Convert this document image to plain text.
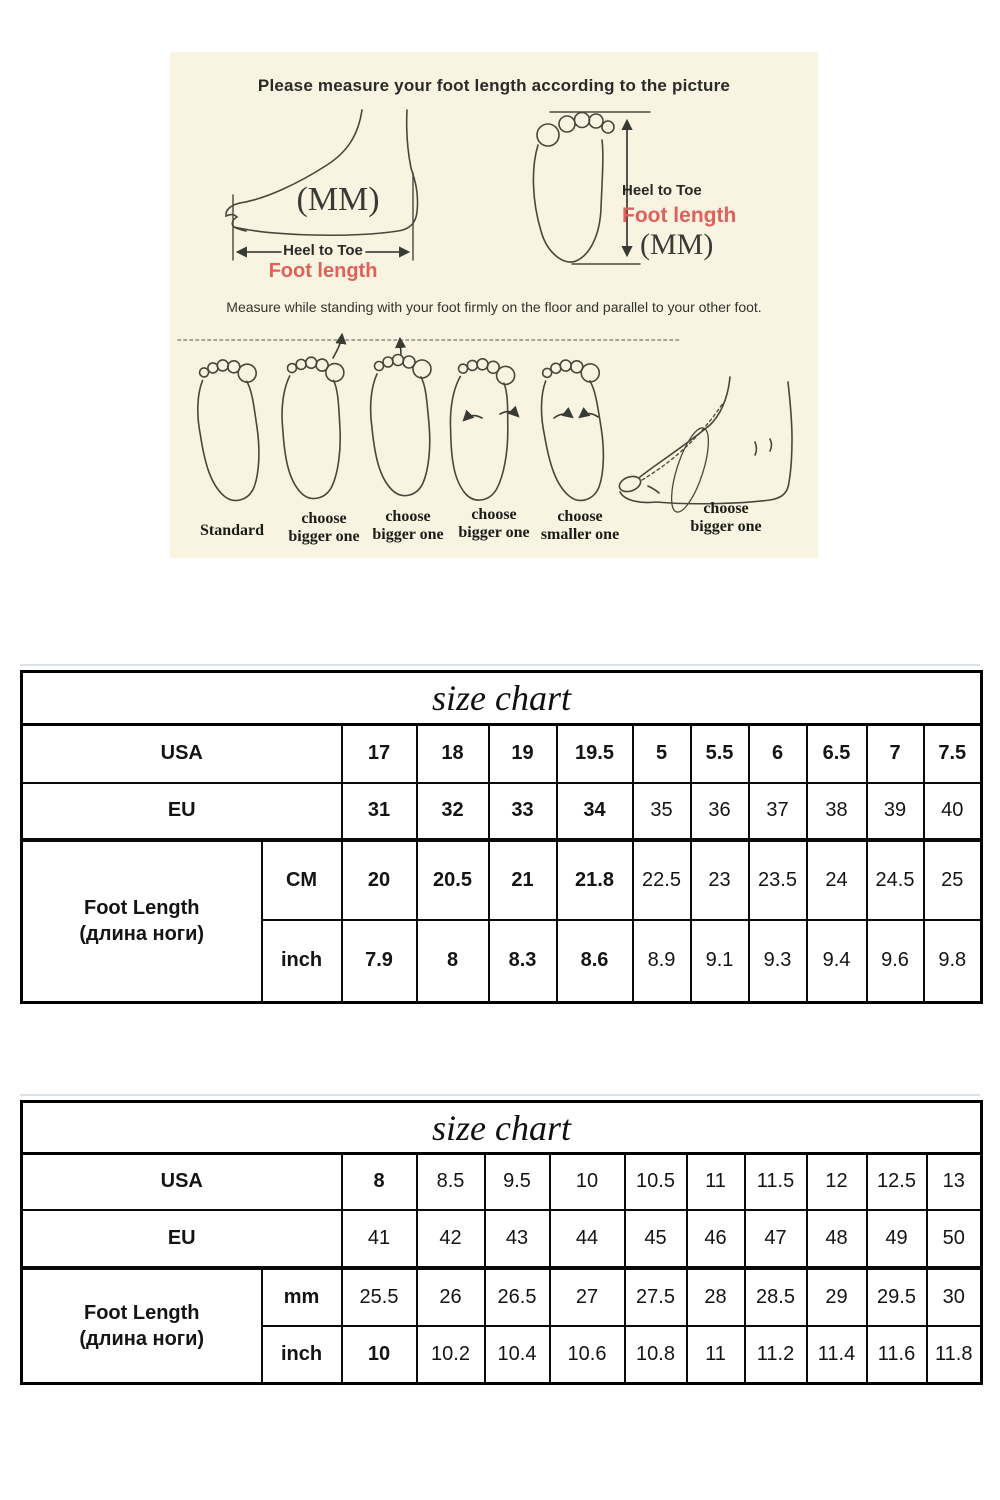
Please measure your foot length according to the picture
(MM)
Heel to Toe
Foot length
Heel to Toe
Foot length
(MM)
Measure while standing with your foot firmly on the floor and parallel to your other foot.
Standard
choose
bigger one
choose
bigger one
choose
bigger one
choose
smaller one
choose
bigger one
size chart											
USA		17	18	19	19.5	5	5.5	6	6.5	7	7.5
EU		31	32	33	34	35	36	37	38	39	40

Foot Length
(длина ноги)	CM	20	20.5	21	21.8	22.5	23	23.5	24	24.5	25
	inch	7.9	8	8.3	8.6	8.9	9.1	9.3	9.4	9.6	9.8
size chart											
USA		8	8.5	9.5	10	10.5	11	11.5	12	12.5	13
EU		41	42	43	44	45	46	47	48	49	50

Foot Length
(длина ноги)	mm	25.5	26	26.5	27	27.5	28	28.5	29	29.5	30
	inch	10	10.2	10.4	10.6	10.8	11	11.2	11.4	11.6	11.8
